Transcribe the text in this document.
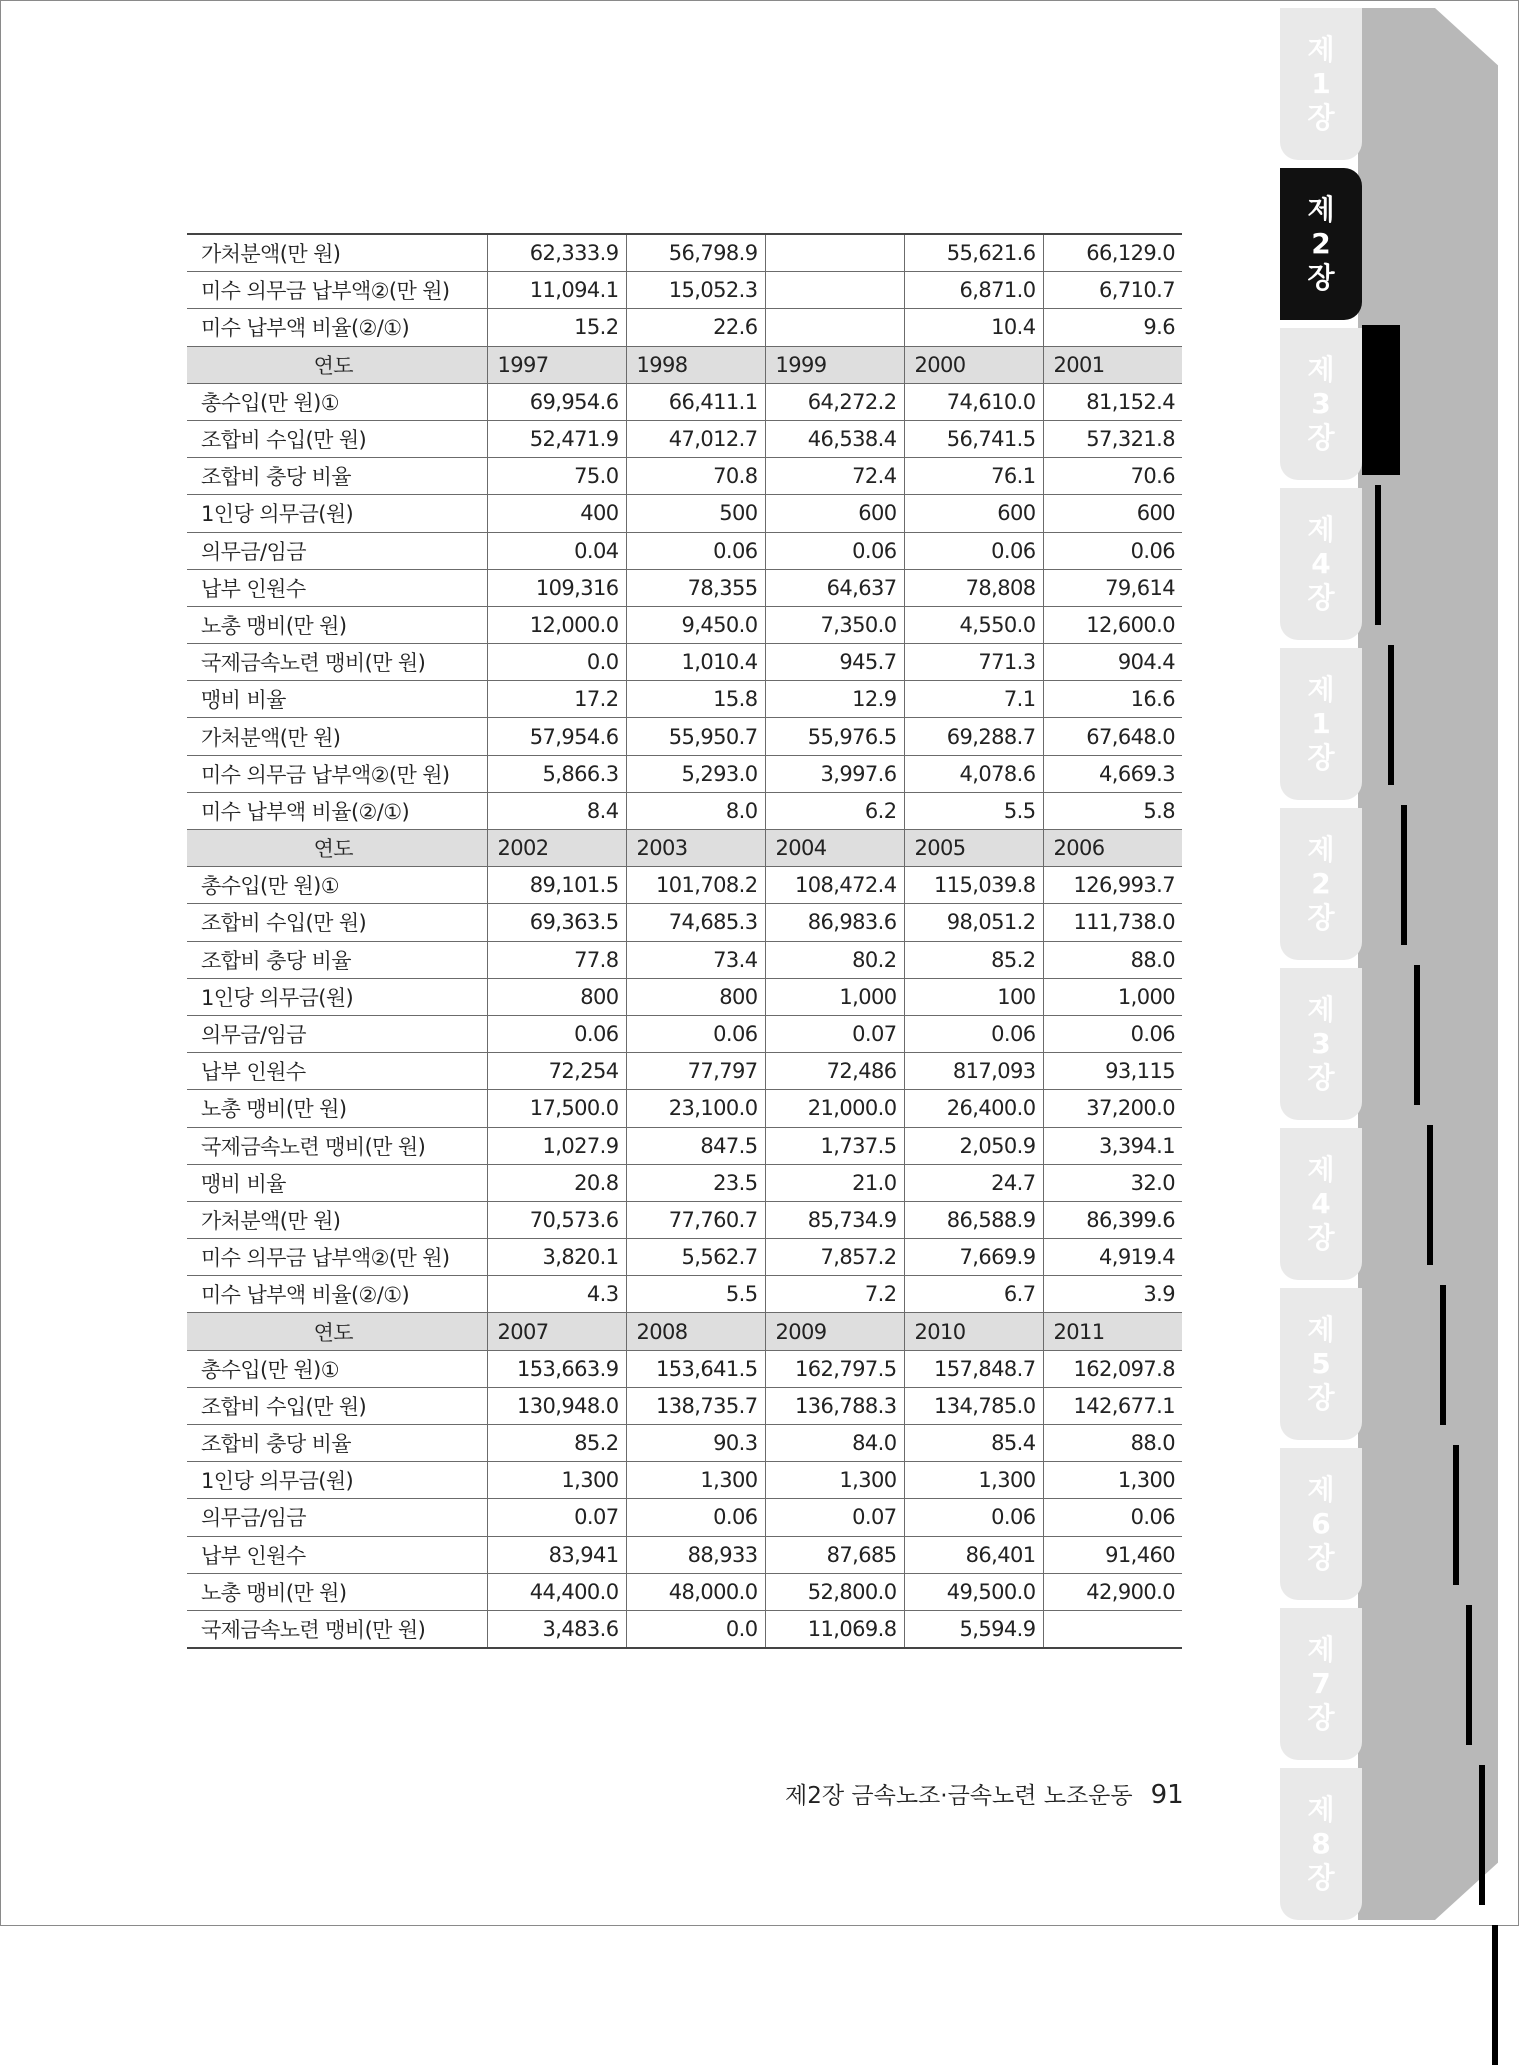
가처분액(만 원)	62,333.9	56,798.9		55,621.6	66,129.0
미수 의무금 납부액②(만 원)	11,094.1	15,052.3		6,871.0	6,710.7
미수 납부액 비율(②/①)	15.2	22.6		10.4	9.6
연도	1997	1998	1999	2000	2001
총수입(만 원)①	69,954.6	66,411.1	64,272.2	74,610.0	81,152.4
조합비 수입(만 원)	52,471.9	47,012.7	46,538.4	56,741.5	57,321.8
조합비 충당 비율	75.0	70.8	72.4	76.1	70.6
1인당 의무금(원)	400	500	600	600	600
의무금/임금	0.04	0.06	0.06	0.06	0.06
납부 인원수	109,316	78,355	64,637	78,808	79,614
노총 맹비(만 원)	12,000.0	9,450.0	7,350.0	4,550.0	12,600.0
국제금속노련 맹비(만 원)	0.0	1,010.4	945.7	771.3	904.4
맹비 비율	17.2	15.8	12.9	7.1	16.6
가처분액(만 원)	57,954.6	55,950.7	55,976.5	69,288.7	67,648.0
미수 의무금 납부액②(만 원)	5,866.3	5,293.0	3,997.6	4,078.6	4,669.3
미수 납부액 비율(②/①)	8.4	8.0	6.2	5.5	5.8
연도	2002	2003	2004	2005	2006
총수입(만 원)①	89,101.5	101,708.2	108,472.4	115,039.8	126,993.7
조합비 수입(만 원)	69,363.5	74,685.3	86,983.6	98,051.2	111,738.0
조합비 충당 비율	77.8	73.4	80.2	85.2	88.0
1인당 의무금(원)	800	800	1,000	100	1,000
의무금/임금	0.06	0.06	0.07	0.06	0.06
납부 인원수	72,254	77,797	72,486	817,093	93,115
노총 맹비(만 원)	17,500.0	23,100.0	21,000.0	26,400.0	37,200.0
국제금속노련 맹비(만 원)	1,027.9	847.5	1,737.5	2,050.9	3,394.1
맹비 비율	20.8	23.5	21.0	24.7	32.0
가처분액(만 원)	70,573.6	77,760.7	85,734.9	86,588.9	86,399.6
미수 의무금 납부액②(만 원)	3,820.1	5,562.7	7,857.2	7,669.9	4,919.4
미수 납부액 비율(②/①)	4.3	5.5	7.2	6.7	3.9
연도	2007	2008	2009	2010	2011
총수입(만 원)①	153,663.9	153,641.5	162,797.5	157,848.7	162,097.8
조합비 수입(만 원)	130,948.0	138,735.7	136,788.3	134,785.0	142,677.1
조합비 충당 비율	85.2	90.3	84.0	85.4	88.0
1인당 의무금(원)	1,300	1,300	1,300	1,300	1,300
의무금/임금	0.07	0.06	0.07	0.06	0.06
납부 인원수	83,941	88,933	87,685	86,401	91,460
노총 맹비(만 원)	44,400.0	48,000.0	52,800.0	49,500.0	42,900.0
국제금속노련 맹비(만 원)	3,483.6	0.0	11,069.8	5,594.9	
제2장 금속노조·금속노련 노조운동 91
제
1
장
제
2
장
제
3
장
제
4
장
제
1
장
제
2
장
제
3
장
제
4
장
제
5
장
제
6
장
제
7
장
제
8
장
